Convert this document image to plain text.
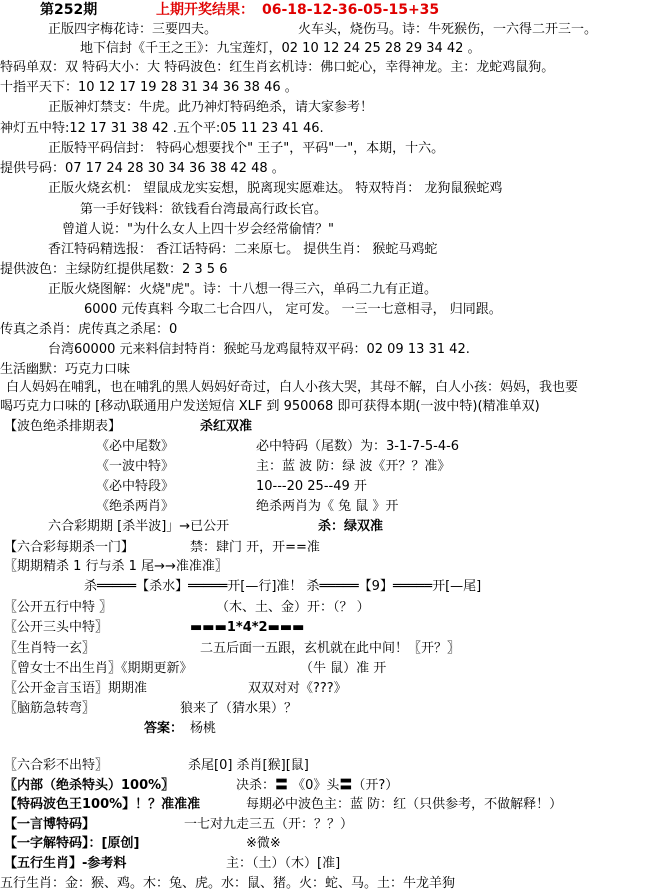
第252期	上期开奖结果： 06-18-12-36-05-15+35
正版四字梅花诗：三要四夫。	火车头，烧伤马。诗：牛死猴伤，一六得二开三一。
地下信封《千王之王》：九宝莲灯，02 10 12 24 25 28 29 34 42 。
特码单双：双 特码大小：大 特码波色：红生肖玄机诗：佛口蛇心，幸得神龙。主：龙蛇鸡鼠狗。
十指平天下：10 12 17 19 28 31 34 36 38 46 。
正版神灯禁支：牛虎。此乃神灯特码绝杀，请大家参考！
神灯五中特:12 17 31 38 42 .五个平:05 11 23 41 46.
正版特平码信封： 特码心想要找个" 王子"，平码"一"，本期，十六。
提供号码：07 17 24 28 30 34 36 38 42 48 。
正版火烧玄机： 望鼠成龙实妄想，脱离现实愿难达。 特双特肖： 龙狗鼠猴蛇鸡
第一手好钱料：欲钱看台湾最高行政长官。
曾道人说："为什么女人上四十岁会经常偷情？"
香江特码精选报： 香江话特码：二来原七。 提供生肖： 猴蛇马鸡蛇
提供波色：主绿防红提供尾数：2 3 5 6
正版火烧图解：火烧"虎"。诗：十八想一得三六，单码二九有正道。
6000 元传真料 今取二七合四八， 定可发。 一三一七意相寻， 归同跟。
传真之杀肖：虎传真之杀尾：0
台湾60000 元来料信封特肖：猴蛇马龙鸡鼠特双平码：02 09 13 31 42.
生活幽默：巧克力口味
白人妈妈在哺乳，也在哺乳的黑人妈妈好奇过，白人小孩大哭，其母不解，白人小孩：妈妈，我也要
喝巧克力口味的 [移动\联通用户发送短信 XLF 到 950068 即可获得本期(一波中特)(精准单双)
【波色绝杀排期表】	杀红双准
《必中尾数》	必中特码（尾数）为：3-1-7-5-4-6
《一波中特》	主：蓝 波 防：绿 波《开？？准》
《必中特段》	10---20 25--49 开
《绝杀两肖》	绝杀两肖为《 兔 鼠 》开
六合彩期期 [杀半波]」→已公开	杀：绿双准
【六合彩每期杀一门】	禁：肆门 开，开==准
〖期期精杀 1 行与杀 1 尾→→准准准〗
杀═════【杀水】═════开[—行]准！ 杀═════【9】═════开[—尾]
〖公开五行中特 〗	（木、土、金）开：（？ ）
〖公开三头中特〗	▬▬▬1*4*2▬▬▬
〖生肖特一玄〗	二五后面一五跟，玄机就在此中间！〖开？〗
〖曾女士不出生肖〗《期期更新》	（牛 鼠）准 开
〖公开金言玉语〗期期准	双双对对《???》
〖脑筋急转弯〗	狼来了（猜水果）？
答案： 杨桃
〖六合彩不出特〗	杀尾[0] 杀肖[猴][鼠]
〖内部（绝杀特头）100%〗	决杀：〓 《0》头〓（开?）
【特码波色王100%】！？准准准	每期必中波色主：蓝 防：红（只供参考，不做解释！）
【一言博特码】	一七对九走三五（开：？？）
【一字解特码】：[原创]	※微※
【五行生肖】-参考料	主：（土）（木）[准]
五行生肖：金：猴、鸡。木：兔、虎。水：鼠、猪。火：蛇、马。土：牛龙羊狗
